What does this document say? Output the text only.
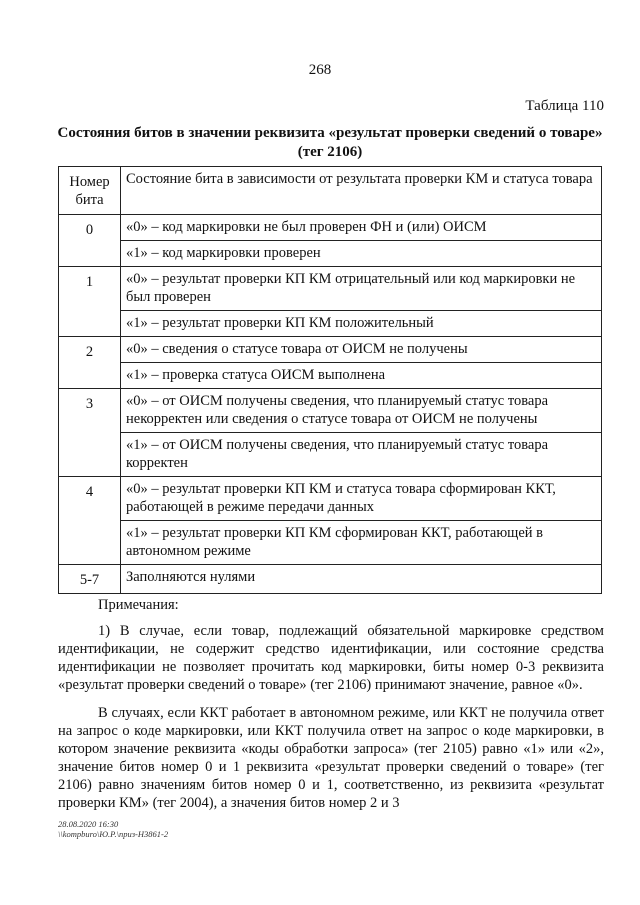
268
Таблица 110
Состояния битов в значении реквизита «результат проверки сведений о товаре»
(тег 2106)
Номер бита	Состояние бита в зависимости от результата проверки КМ и статуса товара
0	«0» – код маркировки не был проверен ФН и (или) ОИСМ
	«1» – код маркировки проверен
1	«0» – результат проверки КП КМ отрицательный или код маркировки не был проверен
	«1» – результат проверки КП КМ положительный
2	«0» – сведения о статусе товара от ОИСМ не получены
	«1» – проверка статуса ОИСМ выполнена
3	«0» – от ОИСМ получены сведения, что планируемый статус товара некорректен или сведения о статусе товара от ОИСМ не получены
	«1» – от ОИСМ получены сведения, что планируемый статус товара корректен
4	«0» – результат проверки КП КМ и статуса товара сформирован ККТ, работающей в режиме передачи данных
	«1» – результат проверки КП КМ сформирован ККТ, работающей в автономном режиме
5-7	Заполняются нулями
Примечания:

1) В случае, если товар, подлежащий обязательной маркировке средством идентификации, не содержит средство идентификации, или состояние средства идентификации не позволяет прочитать код маркировки, биты номер 0-3 реквизита «результат проверки сведений о товаре» (тег 2106) принимают значение, равное «0».

В случаях, если ККТ работает в автономном режиме, или ККТ не получила ответ на запрос о коде маркировки, или ККТ получила ответ на запрос о коде маркировки, в котором значение реквизита «коды обработки запроса» (тег 2105) равно «1» или «2», значение битов номер 0 и 1 реквизита «результат проверки сведений о товаре» (тег 2106) равно значениям битов номер 0 и 1, соответственно, из реквизита «результат проверки КМ» (тег 2004), а значения битов номер 2 и 3

28.08.2020 16:30
\\kompburo\Ю.Р.\приз-Н3861-2
